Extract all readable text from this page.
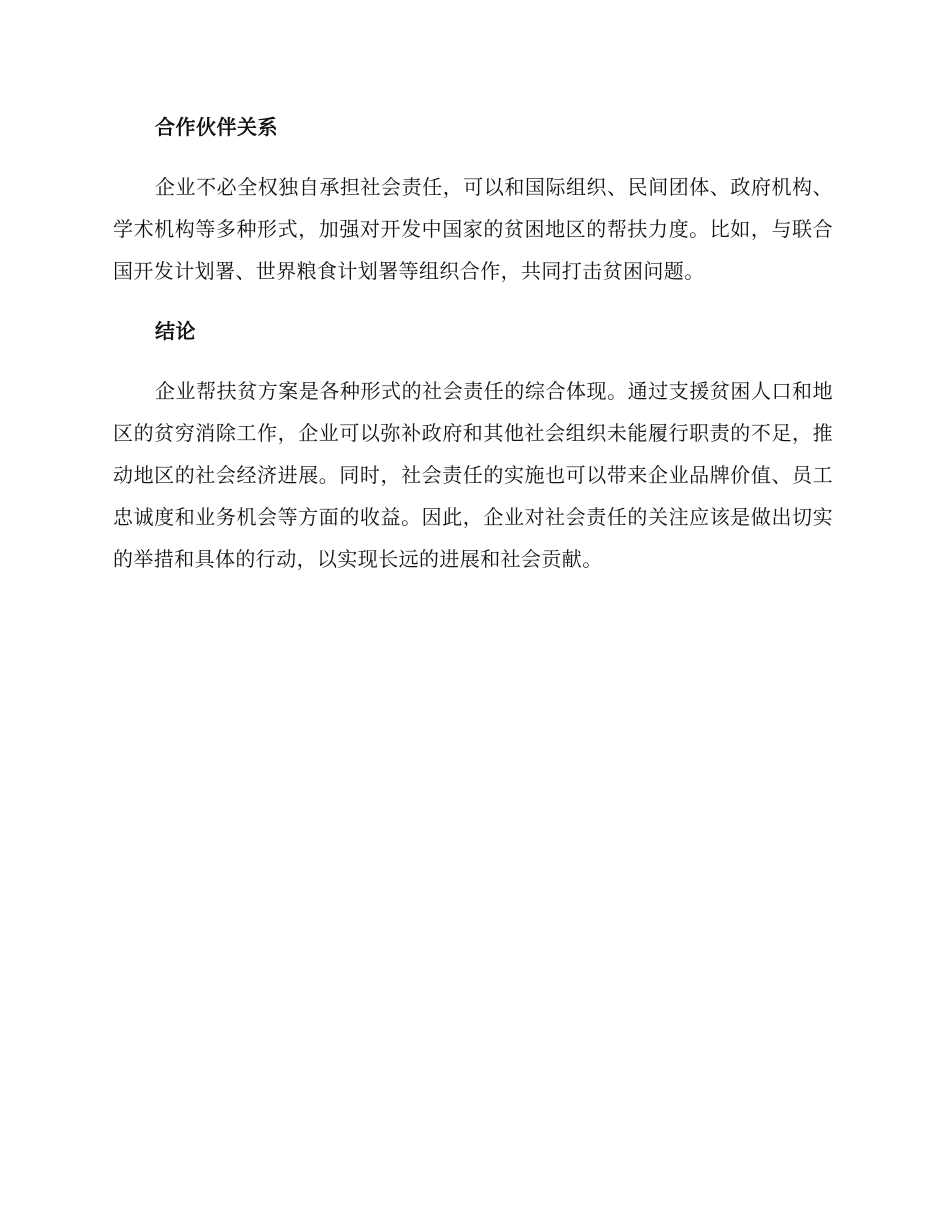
合作伙伴关系

企业不必全权独自承担社会责任，可以和国际组织、民间团体、政府机构、学术机构等多种形式，加强对开发中国家的贫困地区的帮扶力度。比如，与联合国开发计划署、世界粮食计划署等组织合作，共同打击贫困问题。

结论

企业帮扶贫方案是各种形式的社会责任的综合体现。通过支援贫困人口和地区的贫穷消除工作，企业可以弥补政府和其他社会组织未能履行职责的不足，推动地区的社会经济进展。同时，社会责任的实施也可以带来企业品牌价值、员工忠诚度和业务机会等方面的收益。因此，企业对社会责任的关注应该是做出切实的举措和具体的行动，以实现长远的进展和社会贡献。
